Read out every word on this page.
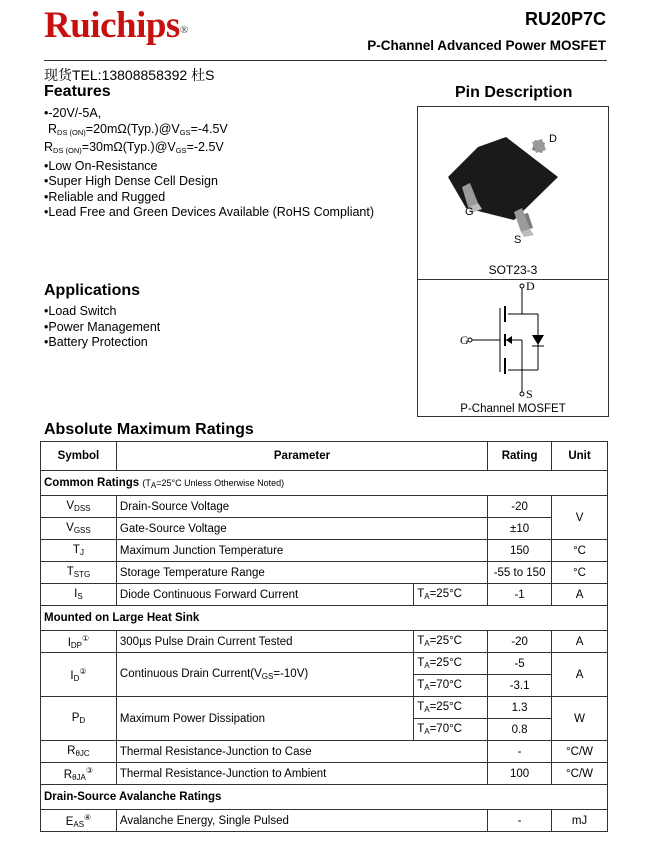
Ruichips®
RU20P7C
P-Channel Advanced Power MOSFET
现货TEL:13808858392 杜S
Features
• -20V/-5A,
$R_{DS (ON)}=20m\Omega(Typ.)@V_{GS}=-4.5V$
$R_{DS (ON)}=30m\Omega(Typ.)@V_{GS}=-2.5V$
• Low On-Resistance
• Super High Dense Cell Design
• Reliable and Rugged
• Lead Free and Green Devices Available (RoHS Compliant)
Applications
• Load Switch
• Power Management
• Battery Protection
Pin Description
D
G
S
SOT23-3
D
S
G
P-Channel MOSFET
Absolute Maximum Ratings
Symbol	Parameter		Rating	Unit
Common Ratings (TA=25°C Unless Otherwise Noted)				
VDSS	Drain-Source Voltage		-20	V
VGSS	Gate-Source Voltage		±10	
TJ	Maximum Junction Temperature		150	°C
TSTG	Storage Temperature Range		-55 to 150	°C
IS	Diode Continuous Forward Current	TA=25°C	-1	A
Mounted on Large Heat Sink				
IDP①	300µs Pulse Drain Current Tested	TA=25°C	-20	A
ID②	Continuous Drain Current(VGS=-10V)	TA=25°C	-5	A
		TA=70°C	-3.1	
PD	Maximum Power Dissipation	TA=25°C	1.3	W
		TA=70°C	0.8	
RθJC	Thermal Resistance-Junction to Case		-	°C/W
RθJA③	Thermal Resistance-Junction to Ambient		100	°C/W
Drain-Source Avalanche Ratings				
EAS④	Avalanche Energy, Single Pulsed		-	mJ
